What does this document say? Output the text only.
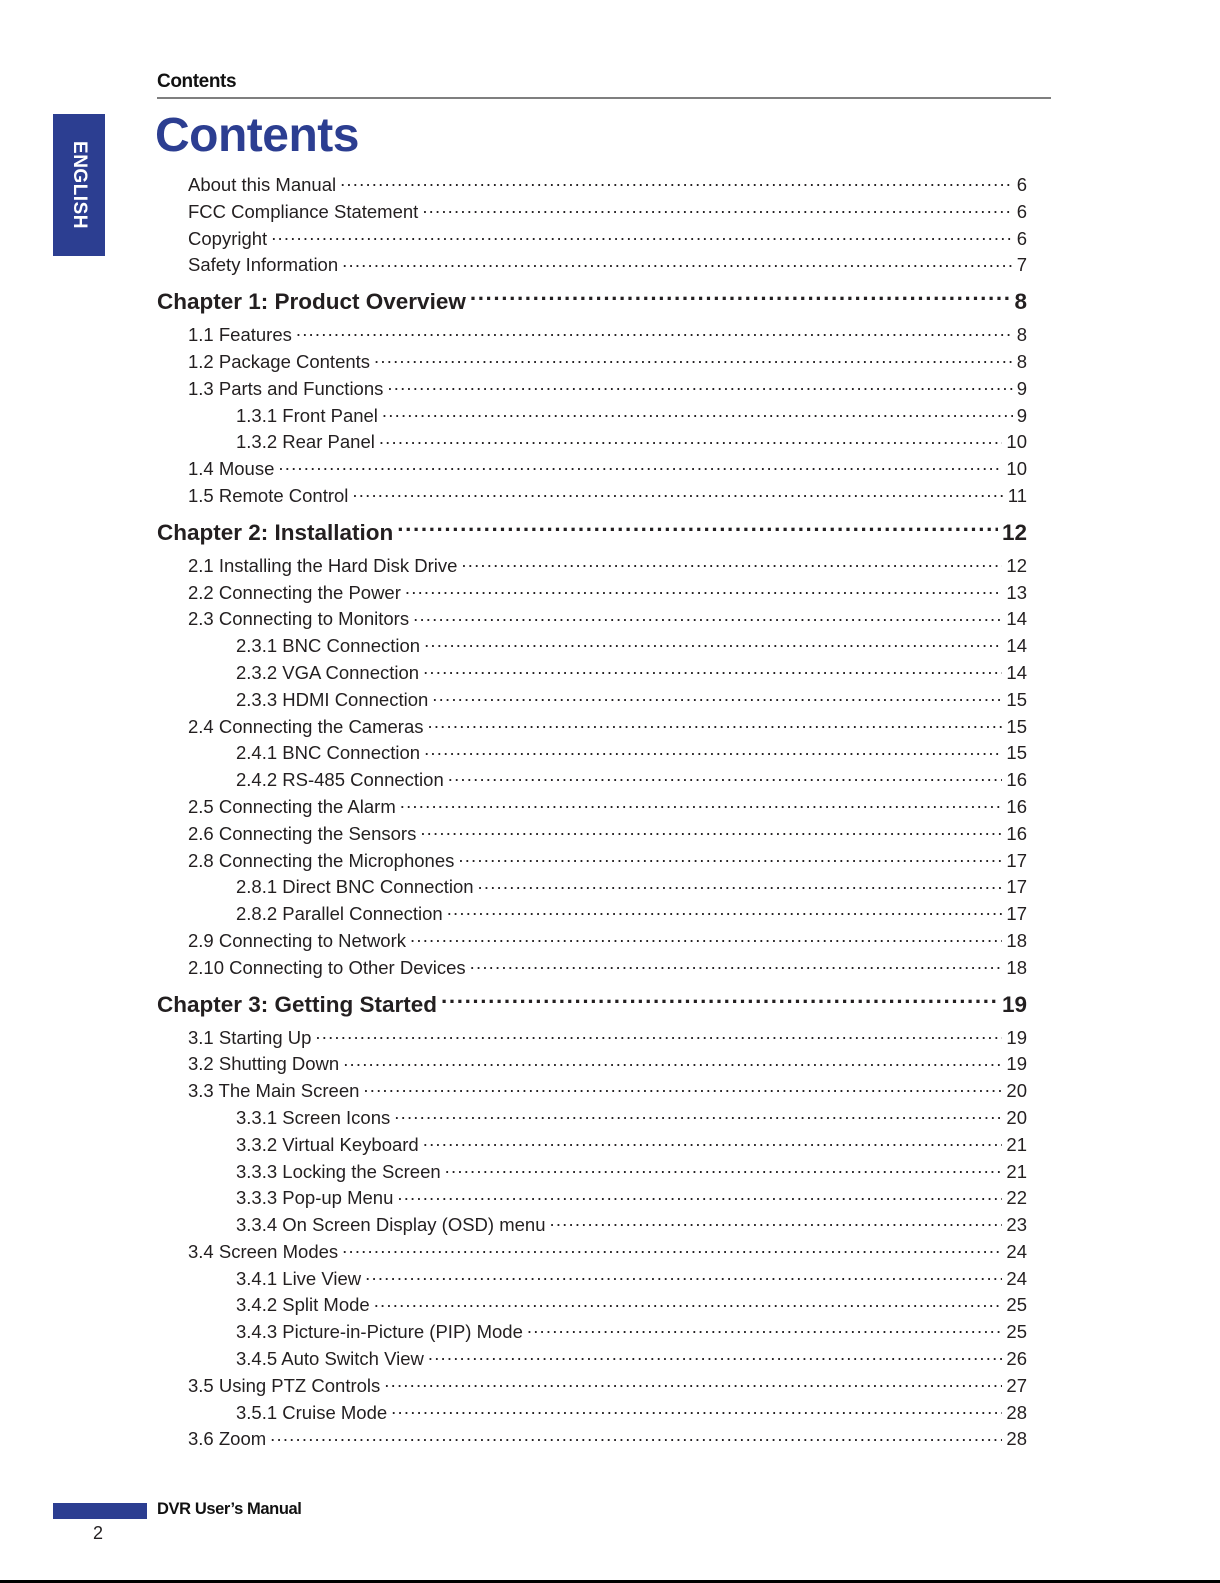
Contents
ENGLISH
Contents
About this Manual .....	6
FCC Compliance Statement .....	6
Copyright .....	6
Safety Information .....	7
Chapter 1: Product Overview .....	8
1.1 Features .....	8
1.2 Package Contents .....	8
1.3 Parts and Functions .....	9
1.3.1 Front Panel .....	9
1.3.2 Rear Panel .....	10
1.4 Mouse .....	10
1.5 Remote Control .....	11
Chapter 2: Installation .....	12
2.1 Installing the Hard Disk Drive .....	12
2.2 Connecting the Power .....	13
2.3 Connecting to Monitors .....	14
2.3.1 BNC Connection .....	14
2.3.2 VGA Connection .....	14
2.3.3 HDMI Connection .....	15
2.4 Connecting the Cameras .....	15
2.4.1 BNC Connection .....	15
2.4.2 RS-485 Connection .....	16
2.5 Connecting the Alarm .....	16
2.6 Connecting the Sensors .....	16
2.8 Connecting the Microphones .....	17
2.8.1 Direct BNC Connection .....	17
2.8.2 Parallel Connection .....	17
2.9 Connecting to Network .....	18
2.10 Connecting to Other Devices .....	18
Chapter 3: Getting Started .....	19
3.1 Starting Up .....	19
3.2 Shutting Down .....	19
3.3 The Main Screen .....	20
3.3.1 Screen Icons .....	20
3.3.2 Virtual Keyboard .....	21
3.3.3 Locking the Screen .....	21
3.3.3 Pop-up Menu .....	22
3.3.4 On Screen Display (OSD) menu .....	23
3.4 Screen Modes .....	24
3.4.1 Live View .....	24
3.4.2 Split Mode .....	25
3.4.3 Picture-in-Picture (PIP) Mode .....	25
3.4.5 Auto Switch View .....	26
3.5 Using PTZ Controls .....	27
3.5.1 Cruise Mode .....	28
3.6 Zoom .....	28
DVR User’s Manual
2
